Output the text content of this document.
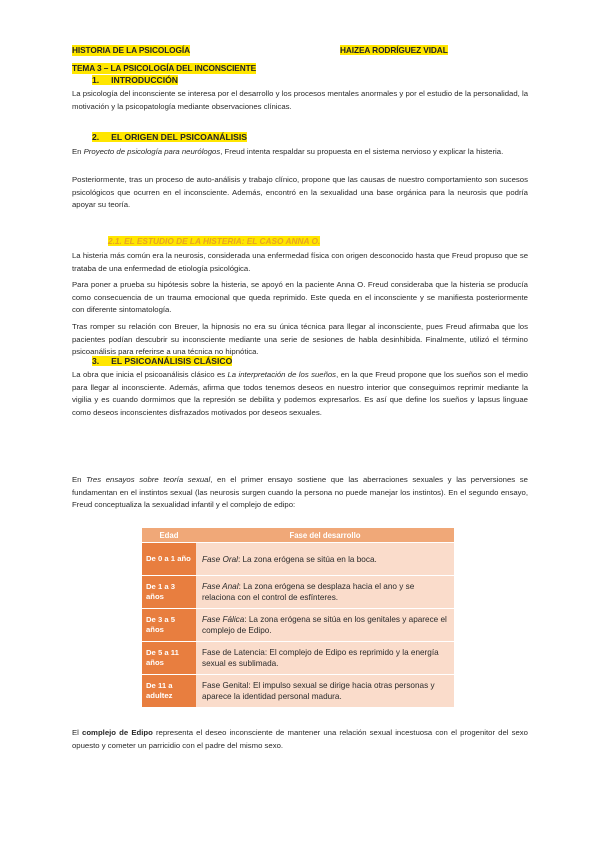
HISTORIA DE LA PSICOLOGÍA
TEMA 3 – LA PSICOLOGÍA DEL INCONSCIENTE
HAIZEA RODRÍGUEZ VIDAL
1. INTRODUCCIÓN
La psicología del inconsciente se interesa por el desarrollo y los procesos mentales anormales y por el estudio de la personalidad, la motivación y la psicopatología mediante observaciones clínicas.
2. EL ORIGEN DEL PSICOANÁLISIS
En Proyecto de psicología para neurólogos, Freud intenta respaldar su propuesta en el sistema nervioso y explicar la histeria.
Posteriormente, tras un proceso de auto-análisis y trabajo clínico, propone que las causas de nuestro comportamiento son sucesos psicológicos que ocurren en el inconsciente. Además, encontró en la sexualidad una base orgánica para la neurosis que podría apoyar su teoría.
2.1. EL ESTUDIO DE LA HISTERIA: EL CASO ANNA O.
La histeria más común era la neurosis, considerada una enfermedad física con origen desconocido hasta que Freud propuso que se trataba de una enfermedad de etiología psicológica.
Para poner a prueba su hipótesis sobre la histeria, se apoyó en la paciente Anna O. Freud consideraba que la histeria se producía como consecuencia de un trauma emocional que queda reprimido. Este queda en el inconsciente y se manifiesta posteriormente con diferente sintomatología.
Tras romper su relación con Breuer, la hipnosis no era su única técnica para llegar al inconsciente, pues Freud afirmaba que los pacientes podían descubrir su inconsciente mediante una serie de sesiones de habla desinhibida. Finalmente, utilizó el término psicoanálisis para referirse a una técnica no hipnótica.
3. EL PSICOANÁLISIS CLÁSICO
La obra que inicia el psicoanálisis clásico es La interpretación de los sueños, en la que Freud propone que los sueños son el medio para llegar al inconsciente. Además, afirma que todos tenemos deseos en nuestro interior que conseguimos reprimir mediante la vigilia y es cuando dormimos que la represión se debilita y podemos expresarlos. Es así que define los sueños y lapsus linguae como deseos inconscientes disfrazados motivados por deseos sexuales.
En Tres ensayos sobre teoría sexual, en el primer ensayo sostiene que las aberraciones sexuales y las perversiones se fundamentan en el instintos sexual (las neurosis surgen cuando la persona no puede manejar los instintos). En el segundo ensayo, Freud conceptualiza la sexualidad infantil y el complejo de edipo:
Edad	Fase del desarrollo
De 0 a 1 año	Fase Oral: La zona erógena se sitúa en la boca.
De 1 a 3 años	Fase Anal: La zona erógena se desplaza hacia el ano y se relaciona con el control de esfínteres.
De 3 a 5 años	Fase Fálica: La zona erógena se sitúa en los genitales y aparece el complejo de Edipo.
De 5 a 11 años	Fase de Latencia: El complejo de Edipo es reprimido y la energía sexual es sublimada.
De 11 a adultez	Fase Genital: El impulso sexual se dirige hacia otras personas y aparece la identidad personal madura.
El complejo de Edipo representa el deseo inconsciente de mantener una relación sexual incestuosa con el progenitor del sexo opuesto y cometer un parricidio con el padre del mismo sexo.
